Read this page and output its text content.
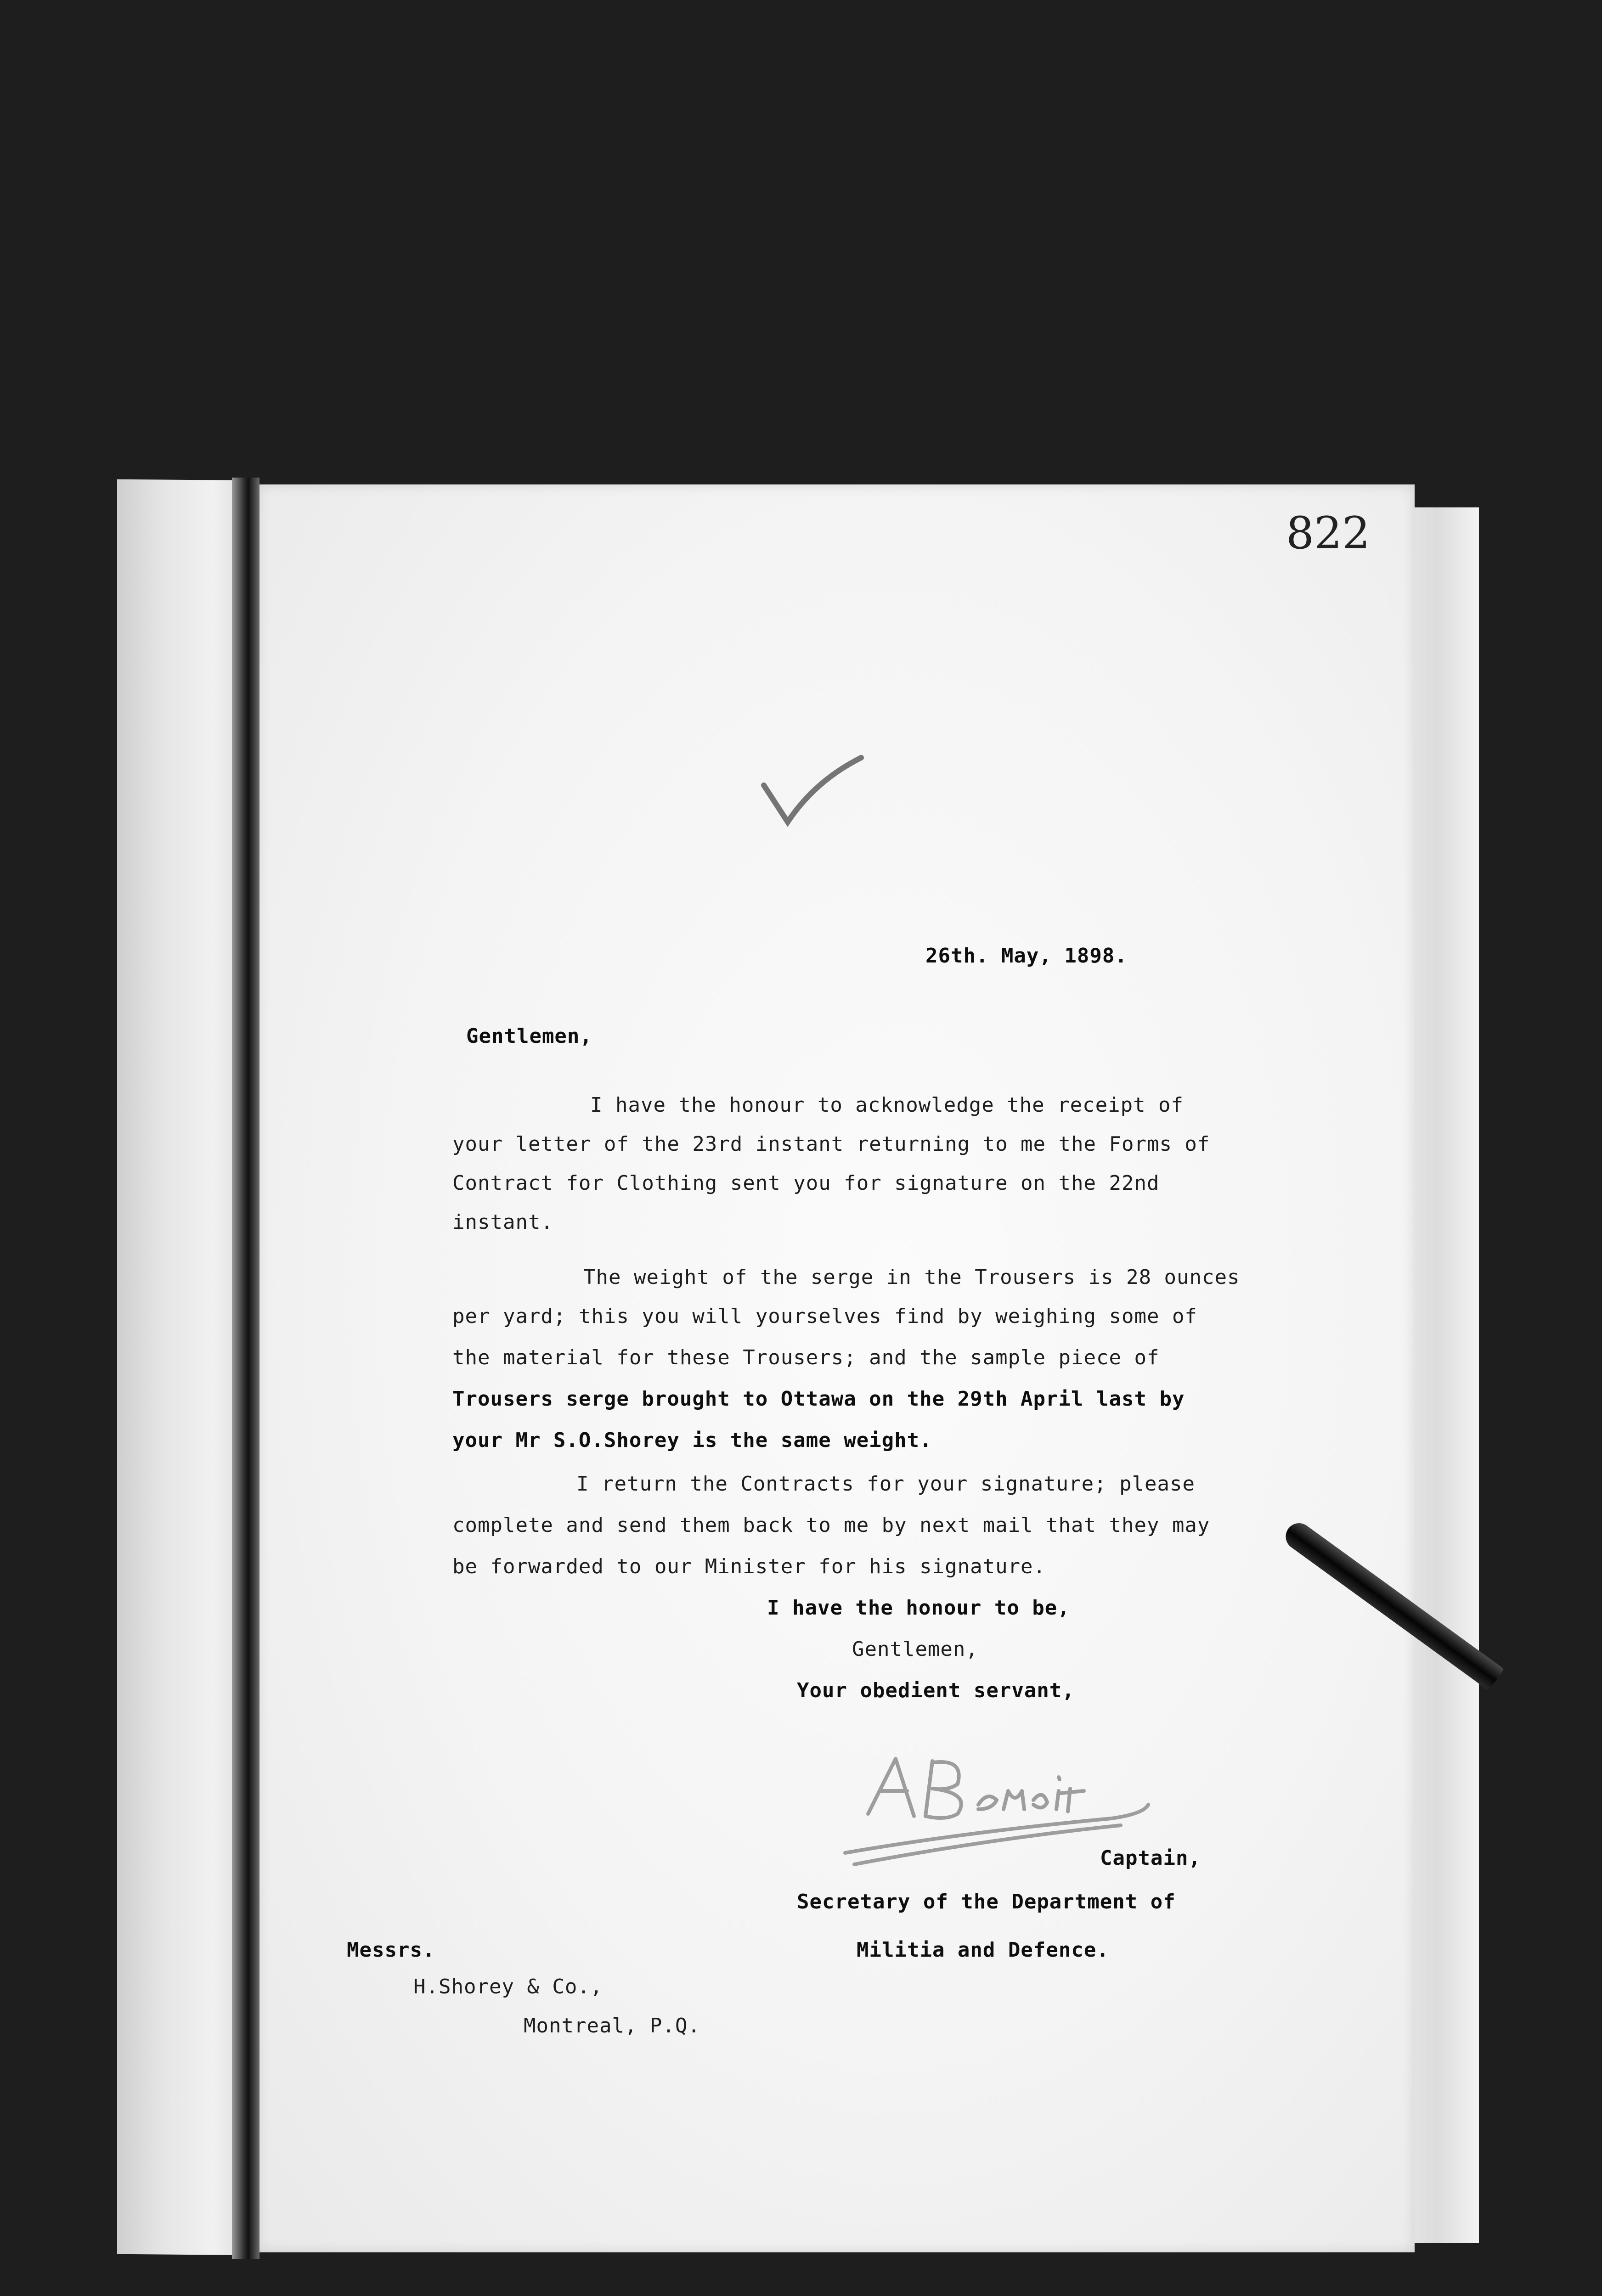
822
26th. May, 1898.
Gentlemen,
I have the honour to acknowledge the receipt of
your letter of the 23rd instant returning to me the Forms of
Contract for Clothing sent you for signature on the 22nd
instant.
The weight of the serge in the Trousers is 28 ounces
per yard; this you will yourselves find by weighing some of
the material for these Trousers; and the sample piece of
Trousers serge brought to Ottawa on the 29th April last by
your Mr S.O.Shorey is the same weight.
I return the Contracts for your signature; please
complete and send them back to me by next mail that they may
be forwarded to our Minister for his signature.
I have the honour to be,
Gentlemen,
Your obedient servant,
Captain,
Secretary of the Department of
Militia and Defence.
Messrs.
H.Shorey & Co.,
Montreal, P.Q.
